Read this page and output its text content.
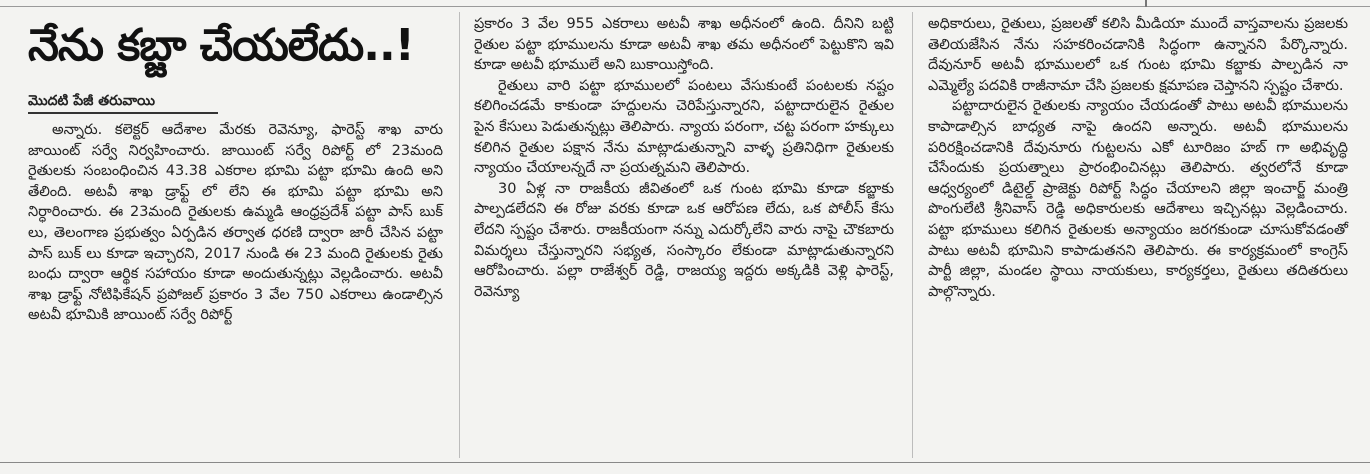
నేను కబ్జా చేయలేదు..!
మొదటి పేజీ తరువాయి

అన్నారు. కలెక్టర్ ఆదేశాల మేరకు రెవెన్యూ, ఫారెస్ట్ శాఖ వారు జాయింట్ సర్వే నిర్వహించారు. జాయింట్ సర్వే రిపోర్ట్ లో 23మంది రైతులకు సంబంధించిన 43.38 ఎకరాల భూమి పట్టా భూమి ఉంది అని తేలింది. అటవీ శాఖ డ్రాఫ్ట్ లో లేని ఈ భూమి పట్టా భూమి అని నిర్ధారించారు. ఈ 23మంది రైతులకు ఉమ్మడి ఆంధ్రప్రదేశ్ పట్టా పాస్ బుక్ లు, తెలంగాణ ప్రభుత్వం ఏర్పడిన తర్వాత ధరణి ద్వారా జారీ చేసిన పట్టా పాస్ బుక్ లు కూడా ఇచ్చారని, 2017 నుండి ఈ 23 మంది రైతులకు రైతు బంధు ద్వారా ఆర్థిక సహాయం కూడా అందుతున్నట్లు వెల్లడించారు. అటవీ శాఖ డ్రాఫ్ట్ నోటిఫికేషన్ ప్రపోజల్ ప్రకారం 3 వేల 750 ఎకరాలు ఉండాల్సిన అటవీ భూమికి జాయింట్ సర్వే రిపోర్ట్

ప్రకారం 3 వేల 955 ఎకరాలు అటవీ శాఖ అధీనంలో ఉంది. దీనిని బట్టి రైతుల పట్టా భూములను కూడా అటవీ శాఖ తమ అధీనంలో పెట్టుకొని ఇవి కూడా అటవీ భూములే అని బుకాయిస్తోంది.

రైతులు వారి పట్టా భూములలో పంటలు వేసుకుంటే పంటలకు నష్టం కలిగించడమే కాకుండా హద్దులను చెరిపేస్తున్నారని, పట్టాదారులైన రైతుల పైన కేసులు పెడుతున్నట్లు తెలిపారు. న్యాయ పరంగా, చట్ట పరంగా హక్కులు కలిగిన రైతుల పక్షాన నేను మాట్లాడుతున్నాని వాళ్ళ ప్రతినిధిగా రైతులకు న్యాయం చేయాలన్నదే నా ప్రయత్నమని తెలిపారు.

30 ఏళ్ల నా రాజకీయ జీవితంలో ఒక గుంట భూమి కూడా కబ్జాకు పాల్పడలేదని ఈ రోజు వరకు కూడా ఒక ఆరోపణ లేదు, ఒక పోలీస్ కేసు లేదని స్పష్టం చేశారు. రాజకీయంగా నన్ను ఎదుర్కోలేని వారు నాపై చౌకబారు విమర్శలు చేస్తున్నారని సభ్యత, సంస్కారం లేకుండా మాట్లాడుతున్నారని ఆరోపించారు. పల్లా రాజేశ్వర్ రెడ్డి, రాజయ్య ఇద్దరు అక్కడికి వెళ్లి ఫారెస్ట్, రెవెన్యూ

అధికారులు, రైతులు, ప్రజలతో కలిసి మీడియా ముందే వాస్తవాలను ప్రజలకు తెలియజేసిన నేను సహకరించడానికి సిద్ధంగా ఉన్నానని పేర్కొన్నారు. దేవునూర్ అటవీ భూములలో ఒక గుంట భూమి కబ్జాకు పాల్పడిన నా ఎమ్మెల్యే పదవికి రాజీనామా చేసి ప్రజలకు క్షమాపణ చెప్తానని స్పష్టం చేశారు.

పట్టాదారులైన రైతులకు న్యాయం చేయడంతో పాటు అటవీ భూములను కాపాడాల్సిన బాధ్యత నాపై ఉందని అన్నారు. అటవీ భూములను పరిరక్షించడానికి దేవునూరు గుట్టలను ఎకో టూరిజం హబ్ గా అభివృద్ధి చేసేందుకు ప్రయత్నాలు ప్రారంభించినట్లు తెలిపారు. త్వరలోనే కూడా ఆధ్వర్యంలో డిటైల్డ్ ప్రాజెక్టు రిపోర్ట్ సిద్ధం చేయాలని జిల్లా ఇంచార్జ్ మంత్రి పొంగులేటి శ్రీనివాస్ రెడ్డి అధికారులకు ఆదేశాలు ఇచ్చినట్లు వెల్లడించారు. పట్టా భూములు కలిగిన రైతులకు అన్యాయం జరగకుండా చూసుకోవడంతో పాటు అటవీ భూమిని కాపాడుతనని తెలిపారు. ఈ కార్యక్రమంలో కాంగ్రెస్ పార్టీ జిల్లా, మండల స్థాయి నాయకులు, కార్యకర్తలు, రైతులు తదితరులు పాల్గొన్నారు.
